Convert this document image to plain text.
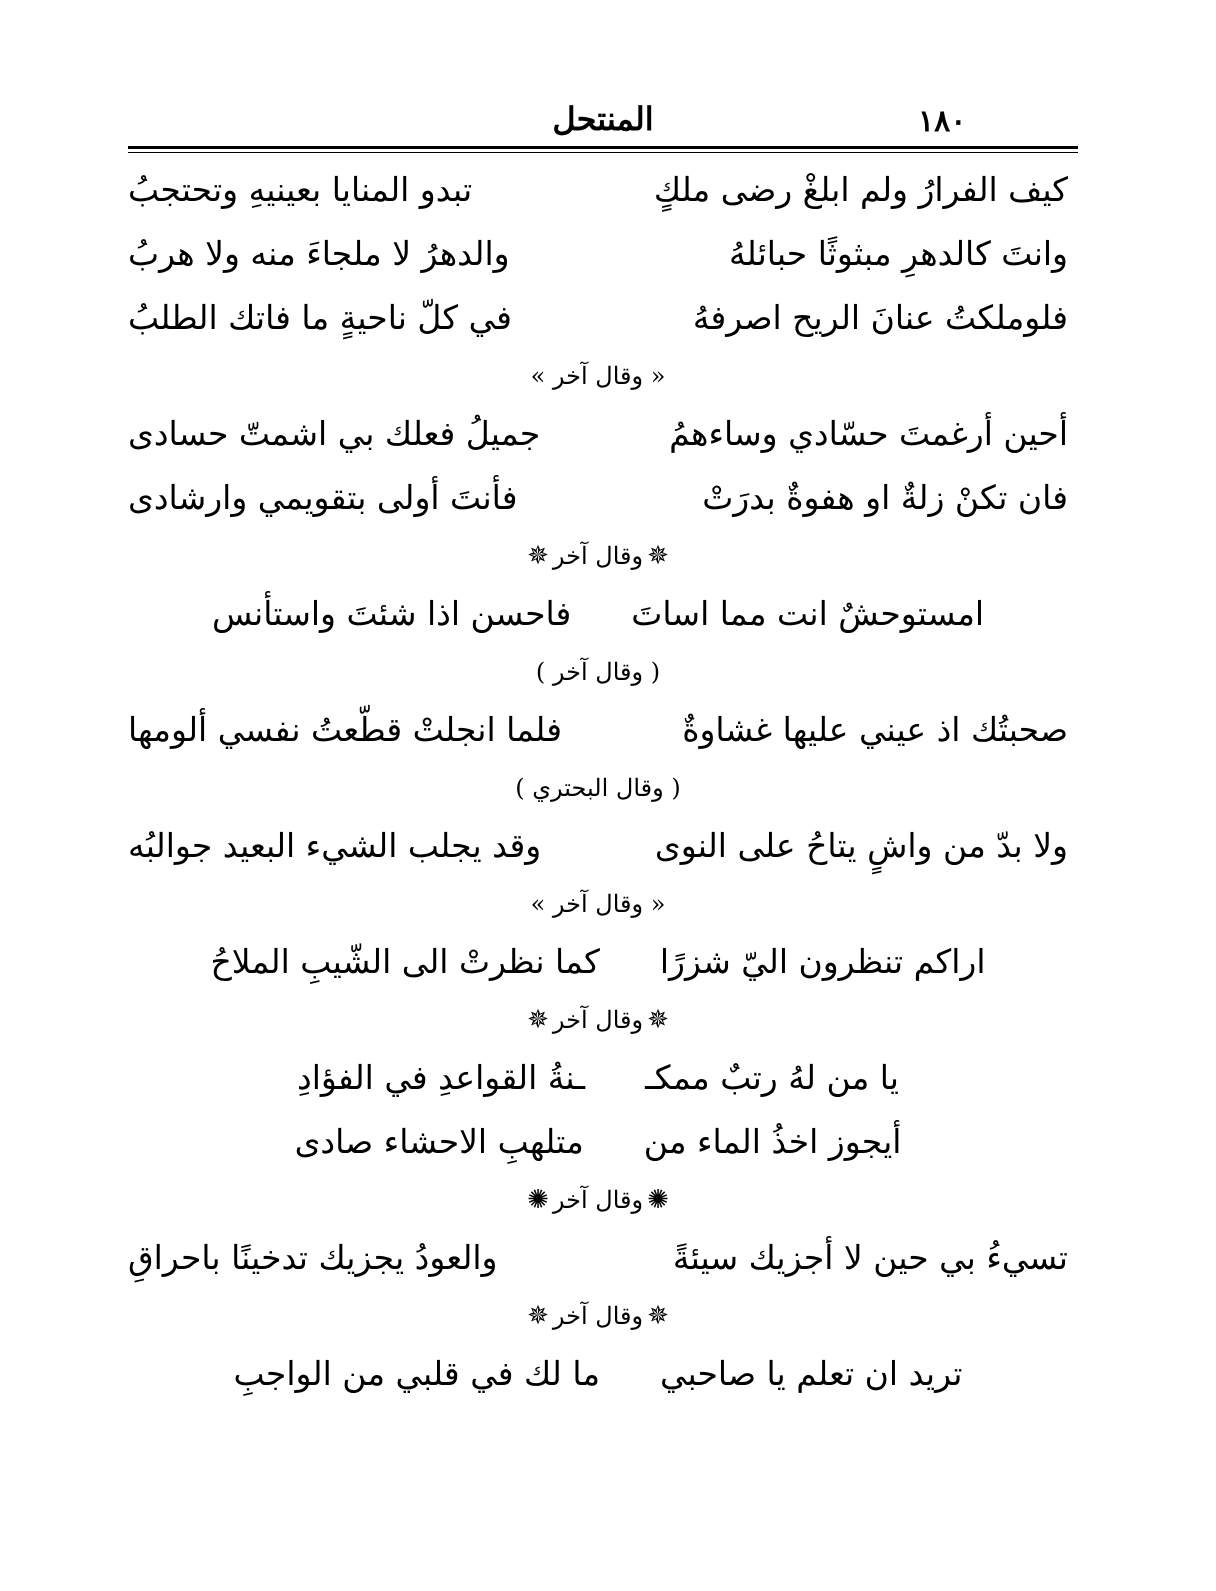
١٨٠
المنتحل
كيف الفرارُ ولم ابلغْ رضى ملكٍ
تبدو المنايا بعينيهِ وتحتجبُ
وانتَ كالدهرِ مبثوثًا حبائلهُ
والدهرُ لا ملجاءَ منه ولا هربُ
فلوملكتُ عنانَ الريح اصرفهُ
في كلّ ناحيةٍ ما فاتك الطلبُ
« وقال آخر »
أحين أرغمتَ حسّادي وساءهمُ
جميلُ فعلك بي اشمتّ حسادى
فان تكنْ زلةٌ او هفوةٌ بدرَتْ
فأنتَ أولى بتقويمي وارشادى
✵وقال آخر✵
امستوحشٌ انت مما اساتَ
فاحسن اذا شئتَ واستأنس
( وقال آخر )
صحبتُك اذ عيني عليها غشاوةٌ
فلما انجلتْ قطّعتُ نفسي ألومها
( وقال البحتري )
ولا بدّ من واشٍ يتاحُ على النوى
وقد يجلب الشيء البعيد جوالبُه
« وقال آخر »
اراكم تنظرون اليّ شزرًا
كما نظرتْ الى الشّيبِ الملاحُ
✵وقال آخر✵
يا من لهُ رتبٌ ممكـ
ـنةُ القواعدِ في الفؤادِ
أيجوز اخذُ الماء من
متلهبِ الاحشاء صادى
✺وقال آخر✺
تسيءُ بي حين لا أجزيك سيئةً
والعودُ يجزيك تدخينًا باحراقِ
✵وقال آخر✵
تريد ان تعلم يا صاحبي
ما لك في قلبي من الواجبِ
